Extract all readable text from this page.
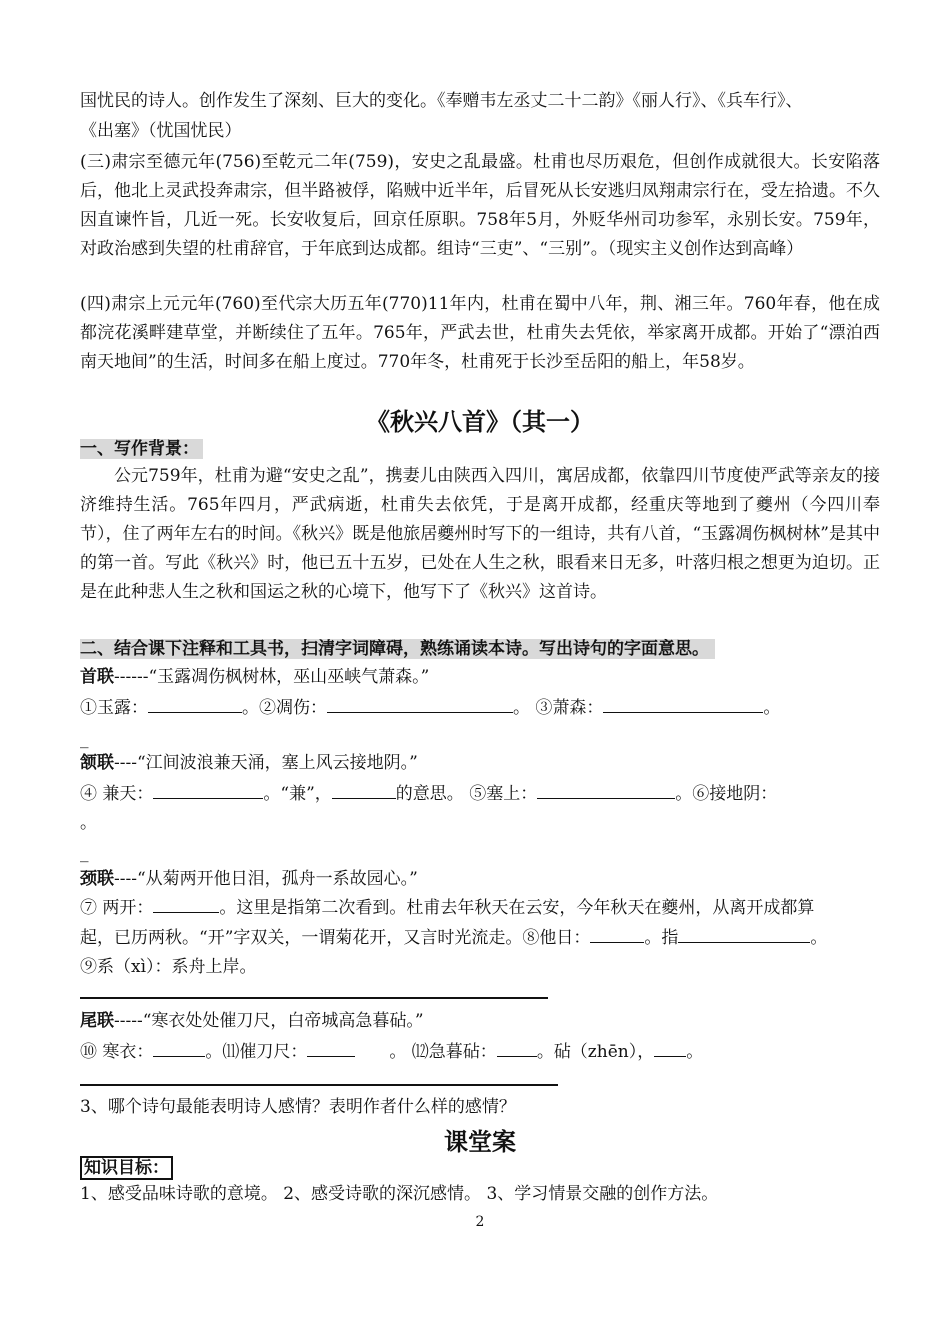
国忧民的诗人。创作发生了深刻、巨大的变化。《奉赠韦左丞丈二十二韵》《丽人行》、《兵车行》、
《出塞》（忧国忧民）
(三)肃宗至德元年(756)至乾元二年(759)，安史之乱最盛。杜甫也尽历艰危，但创作成就很大。长安陷落后，他北上灵武投奔肃宗，但半路被俘，陷贼中近半年，后冒死从长安逃归凤翔肃宗行在，受左拾遗。不久因直谏忤旨，几近一死。长安收复后，回京任原职。758年5月，外贬华州司功参军，永别长安。759年，对政治感到失望的杜甫辞官，于年底到达成都。组诗“三吏”、“三别”。（现实主义创作达到高峰）
(四)肃宗上元元年(760)至代宗大历五年(770)11年内，杜甫在蜀中八年，荆、湘三年。760年春，他在成都浣花溪畔建草堂，并断续住了五年。765年，严武去世，杜甫失去凭依，举家离开成都。开始了“漂泊西南天地间”的生活，时间多在船上度过。770年冬，杜甫死于长沙至岳阳的船上，年58岁。
《秋兴八首》（其一）
一、写作背景：
公元759年，杜甫为避“安史之乱”，携妻儿由陕西入四川，寓居成都，依靠四川节度使严武等亲友的接济维持生活。765年四月，严武病逝，杜甫失去依凭，于是离开成都，经重庆等地到了夔州（今四川奉节），住了两年左右的时间。《秋兴》既是他旅居夔州时写下的一组诗，共有八首，“玉露凋伤枫树林”是其中的第一首。写此《秋兴》时，他已五十五岁，已处在人生之秋，眼看来日无多，叶落归根之想更为迫切。正是在此种悲人生之秋和国运之秋的心境下，他写下了《秋兴》这首诗。
二、结合课下注释和工具书，扫清字词障碍，熟练诵读本诗。写出诗句的字面意思。
首联------“玉露凋伤枫树林，巫山巫峡气萧森。”
①玉露：	。②凋伤：	。 ③萧森：	。
_
颔联----“江间波浪兼天涌，塞上风云接地阴。”
④ 兼天：	。“兼”，	的意思。 ⑤塞上：	。⑥接地阴：
。
_
颈联----“从菊两开他日泪，孤舟一系故园心。”
⑦ 两开：	。这里是指第二次看到。杜甫去年秋天在云安，今年秋天在夔州，从离开成都算
起，已历两秋。“开”字双关，一谓菊花开，又言时光流走。⑧他日：	。指	。
⑨系（xì）：系舟上岸。
尾联-----“寒衣处处催刀尺，白帝城高急暮砧。”
⑩ 寒衣：	。⑾催刀尺：	。 ⑿急暮砧： 。砧（zhēn）， 。
3、哪个诗句最能表明诗人感情？表明作者什么样的感情？
课堂案
知识目标：
1、感受品味诗歌的意境。 2、感受诗歌的深沉感情。 3、学习情景交融的创作方法。
2
